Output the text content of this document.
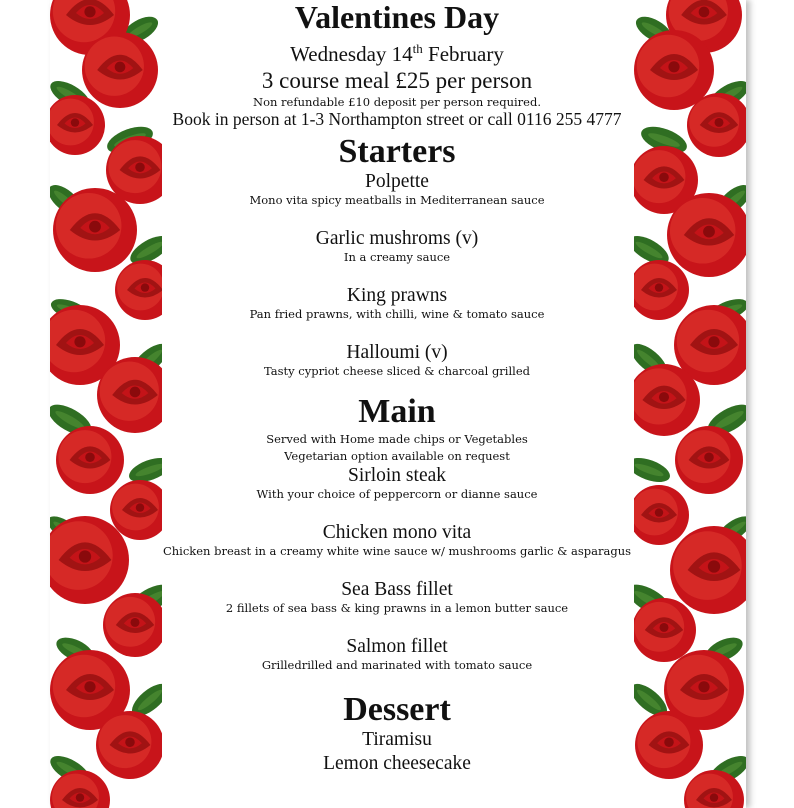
Valentines Day
Wednesday 14th February
3 course meal £25 per person
Non refundable £10 deposit per person required.
Book in person at 1-3 Northampton street or call 0116 255 4777
Starters
Polpette
Mono vita spicy meatballs in Mediterranean sauce
Garlic mushroms (v)
In a creamy sauce
King prawns
Pan fried prawns, with chilli, wine & tomato sauce
Halloumi (v)
Tasty cypriot cheese sliced & charcoal grilled
Main
Served with Home made chips or Vegetables
Vegetarian option available on request
Sirloin steak
With your choice of peppercorn or dianne sauce
Chicken mono vita
Chicken breast in a creamy white wine sauce w/ mushrooms garlic & asparagus
Sea Bass fillet
2 fillets of sea bass & king prawns in a lemon butter sauce
Salmon fillet
Grilledrilled and marinated with tomato sauce
Dessert
Tiramisu
Lemon cheesecake
